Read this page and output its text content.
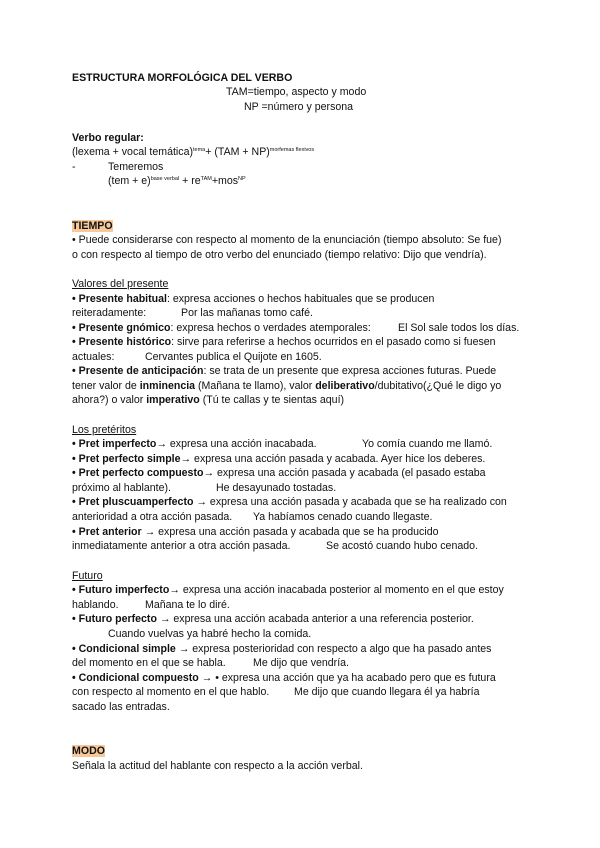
ESTRUCTURA MORFOLÓGICA DEL VERBO
TAM=tiempo, aspecto y modo
NP =número y persona
Verbo regular:
(lexema + vocal temática)$^{tema}$+ (TAM + NP)$^{morfemas flexivos}$
-	Temeremos
$(tem + e)^{base verbal} + re^{TAM}+mos^{NP}$
TIEMPO
• Puede considerarse con respecto al momento de la enunciación (tiempo absoluto: Se fue)
o con respecto al tiempo de otro verbo del enunciado (tiempo relativo: Dijo que vendría).
Valores del presente
• Presente habitual: expresa acciones o hechos habituales que se producen
reiteradamente:	Por las mañanas tomo café.
• Presente gnómico: expresa hechos o verdades atemporales:	El Sol sale todos los días.
• Presente histórico: sirve para referirse a hechos ocurridos en el pasado como si fuesen
actuales:	Cervantes publica el Quijote en 1605.
• Presente de anticipación: se trata de un presente que expresa acciones futuras. Puede
tener valor de inminencia (Mañana te llamo), valor deliberativo/dubitativo(¿Qué le digo yo
ahora?) o valor imperativo (Tú te callas y te sientas aquí)
Los pretéritos
• Pret imperfecto→ expresa una acción inacabada.	Yo comía cuando me llamó.
• Pret perfecto simple→ expresa una acción pasada y acabada. Ayer hice los deberes.
• Pret perfecto compuesto→ expresa una acción pasada y acabada (el pasado estaba
próximo al hablante).	He desayunado tostadas.
• Pret pluscuamperfecto → expresa una acción pasada y acabada que se ha realizado con
anterioridad a otra acción pasada. Ya habíamos cenado cuando llegaste.
• Pret anterior → expresa una acción pasada y acabada que se ha producido
inmediatamente anterior a otra acción pasada.	Se acostó cuando hubo cenado.
Futuro
• Futuro imperfecto→ expresa una acción inacabada posterior al momento en el que estoy
hablando. Mañana te lo diré.
• Futuro perfecto → expresa una acción acabada anterior a una referencia posterior.
Cuando vuelvas ya habré hecho la comida.
• Condicional simple → expresa posterioridad con respecto a algo que ha pasado antes
del momento en el que se habla.	Me dijo que vendría.
• Condicional compuesto → • expresa una acción que ya ha acabado pero que es futura
con respecto al momento en el que hablo. Me dijo que cuando llegara él ya habría
sacado las entradas.
MODO
Señala la actitud del hablante con respecto a la acción verbal.
